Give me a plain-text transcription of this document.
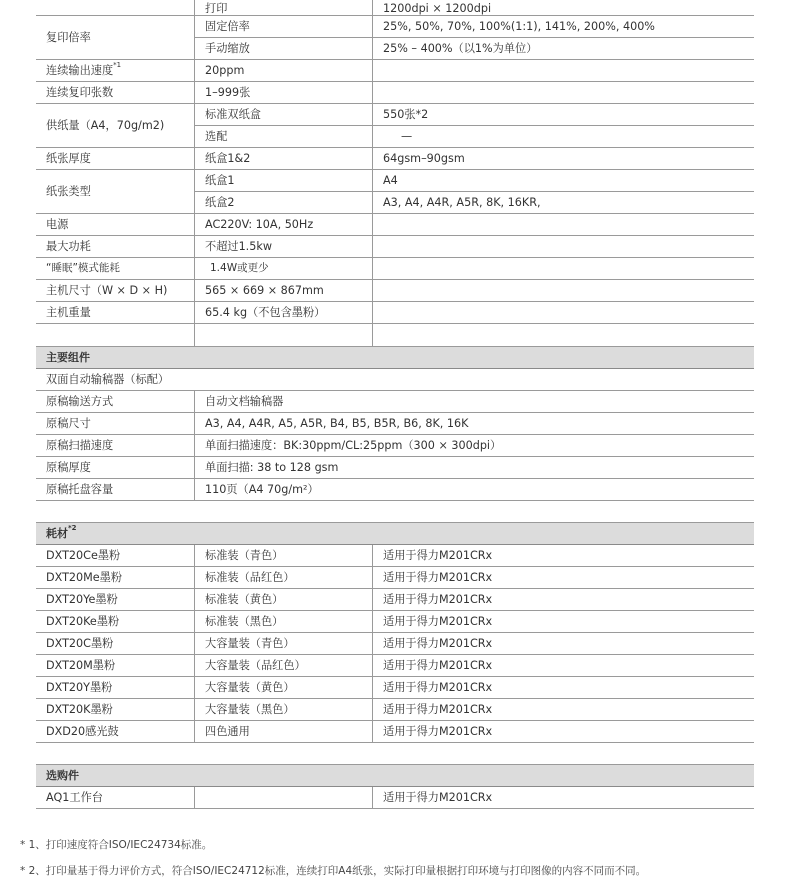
	打印	1200dpi × 1200dpi
复印倍率	固定倍率	25%, 50%, 70%, 100%(1:1), 141%, 200%, 400%
	手动缩放	25% – 400%（以1%为单位）
连续输出速度$^{*1}$	20ppm	
连续复印张数	1–999张	
供纸量（A4，70g/m2)	标准双纸盒	550张*2
	选配	—
纸张厚度	纸盒1&2	64gsm–90gsm
纸张类型	纸盒1	A4
	纸盒2	A3, A4, A4R, A5R, 8K, 16KR,
电源	AC220V: 10A, 50Hz	
最大功耗	不超过1.5kw	
“睡眠”模式能耗	1.4W或更少	
主机尺寸（W × D × H)	565 × 669 × 867mm	
主机重量	65.4 kg（不包含墨粉）	

主要组件		
双面自动输稿器（标配）		
原稿输送方式	自动文档输稿器	
原稿尺寸	A3, A4, A4R, A5, A5R, B4, B5, B5R, B6, 8K, 16K	
原稿扫描速度	单面扫描速度：BK:30ppm/CL:25ppm（300 × 300dpi）	
原稿厚度	单面扫描: 38 to 128 gsm	
原稿托盘容量	110页（A4 70g/m²）	

耗材$^{*2}$
DXT20Ce墨粉	标准装（青色）	适用于得力M201CRx
DXT20Me墨粉	标准装（品红色）	适用于得力M201CRx
DXT20Ye墨粉	标准装（黄色）	适用于得力M201CRx
DXT20Ke墨粉	标准装（黑色）	适用于得力M201CRx
DXT20C墨粉	大容量装（青色）	适用于得力M201CRx
DXT20M墨粉	大容量装（品红色）	适用于得力M201CRx
DXT20Y墨粉	大容量装（黄色）	适用于得力M201CRx
DXT20K墨粉	大容量装（黑色）	适用于得力M201CRx
DXD20感光鼓	四色通用	适用于得力M201CRx

选购件		
AQ1工作台		适用于得力M201CRx
* 1、打印速度符合ISO/IEC24734标准。
* 2、打印量基于得力评价方式，符合ISO/IEC24712标准，连续打印A4纸张，实际打印量根据打印环境与打印图像的内容不同而不同。
